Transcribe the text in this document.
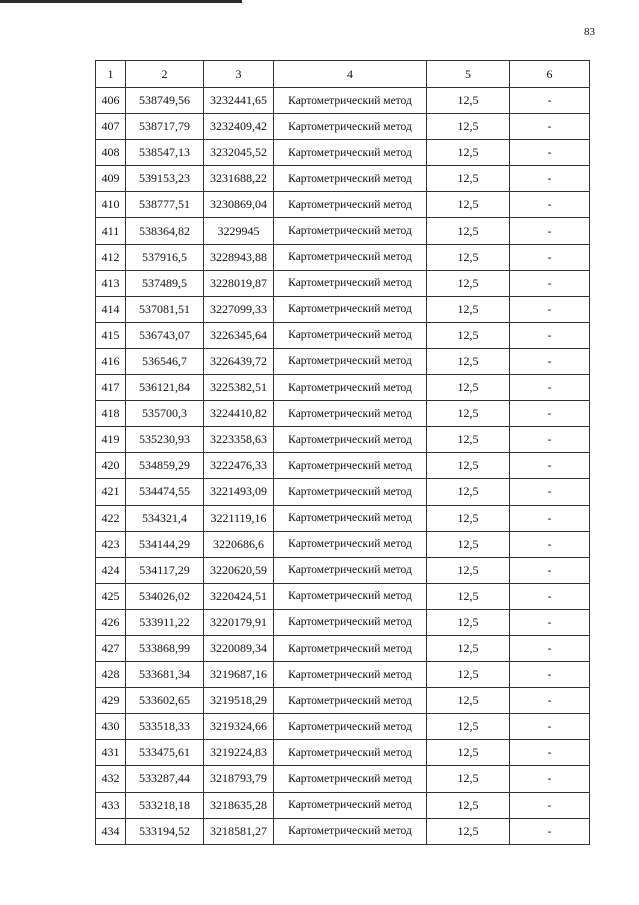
83
1	2	3	4	5	6
406	538749,56	3232441,65	Картометрический метод	12,5	-
407	538717,79	3232409,42	Картометрический метод	12,5	-
408	538547,13	3232045,52	Картометрический метод	12,5	-
409	539153,23	3231688,22	Картометрический метод	12,5	-
410	538777,51	3230869,04	Картометрический метод	12,5	-
411	538364,82	3229945	Картометрический метод	12,5	-
412	537916,5	3228943,88	Картометрический метод	12,5	-
413	537489,5	3228019,87	Картометрический метод	12,5	-
414	537081,51	3227099,33	Картометрический метод	12,5	-
415	536743,07	3226345,64	Картометрический метод	12,5	-
416	536546,7	3226439,72	Картометрический метод	12,5	-
417	536121,84	3225382,51	Картометрический метод	12,5	-
418	535700,3	3224410,82	Картометрический метод	12,5	-
419	535230,93	3223358,63	Картометрический метод	12,5	-
420	534859,29	3222476,33	Картометрический метод	12,5	-
421	534474,55	3221493,09	Картометрический метод	12,5	-
422	534321,4	3221119,16	Картометрический метод	12,5	-
423	534144,29	3220686,6	Картометрический метод	12,5	-
424	534117,29	3220620,59	Картометрический метод	12,5	-
425	534026,02	3220424,51	Картометрический метод	12,5	-
426	533911,22	3220179,91	Картометрический метод	12,5	-
427	533868,99	3220089,34	Картометрический метод	12,5	-
428	533681,34	3219687,16	Картометрический метод	12,5	-
429	533602,65	3219518,29	Картометрический метод	12,5	-
430	533518,33	3219324,66	Картометрический метод	12,5	-
431	533475,61	3219224,83	Картометрический метод	12,5	-
432	533287,44	3218793,79	Картометрический метод	12,5	-
433	533218,18	3218635,28	Картометрический метод	12,5	-
434	533194,52	3218581,27	Картометрический метод	12,5	-
